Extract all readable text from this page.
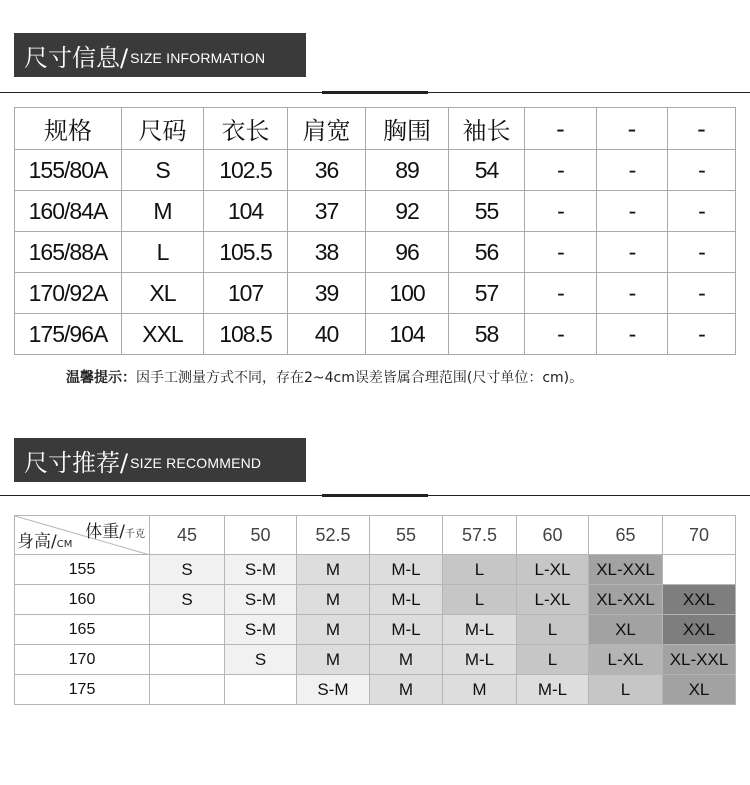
尺寸信息/ SIZE INFORMATION
规格	尺码	衣长	肩宽	胸围	袖长	-	-	-
155/80A	S	102.5	36	89	54	-	-	-
160/84A	M	104	37	92	55	-	-	-
165/88A	L	105.5	38	96	56	-	-	-
170/92A	XL	107	39	100	57	-	-	-
175/96A	XXL	108.5	40	104	58	-	-	-
温馨提示：因手工测量方式不同，存在2~4cm误差皆属合理范围(尺寸单位：cm)。
尺寸推荐/ SIZE RECOMMEND
体重/千克
身高/CM	45	50	52.5	55	57.5	60	65	70
155	S	S-M	M	M-L	L	L-XL	XL-XXL	
160	S	S-M	M	M-L	L	L-XL	XL-XXL	XXL
165		S-M	M	M-L	M-L	L	XL	XXL
170		S	M	M	M-L	L	L-XL	XL-XXL
175			S-M	M	M	M-L	L	XL
